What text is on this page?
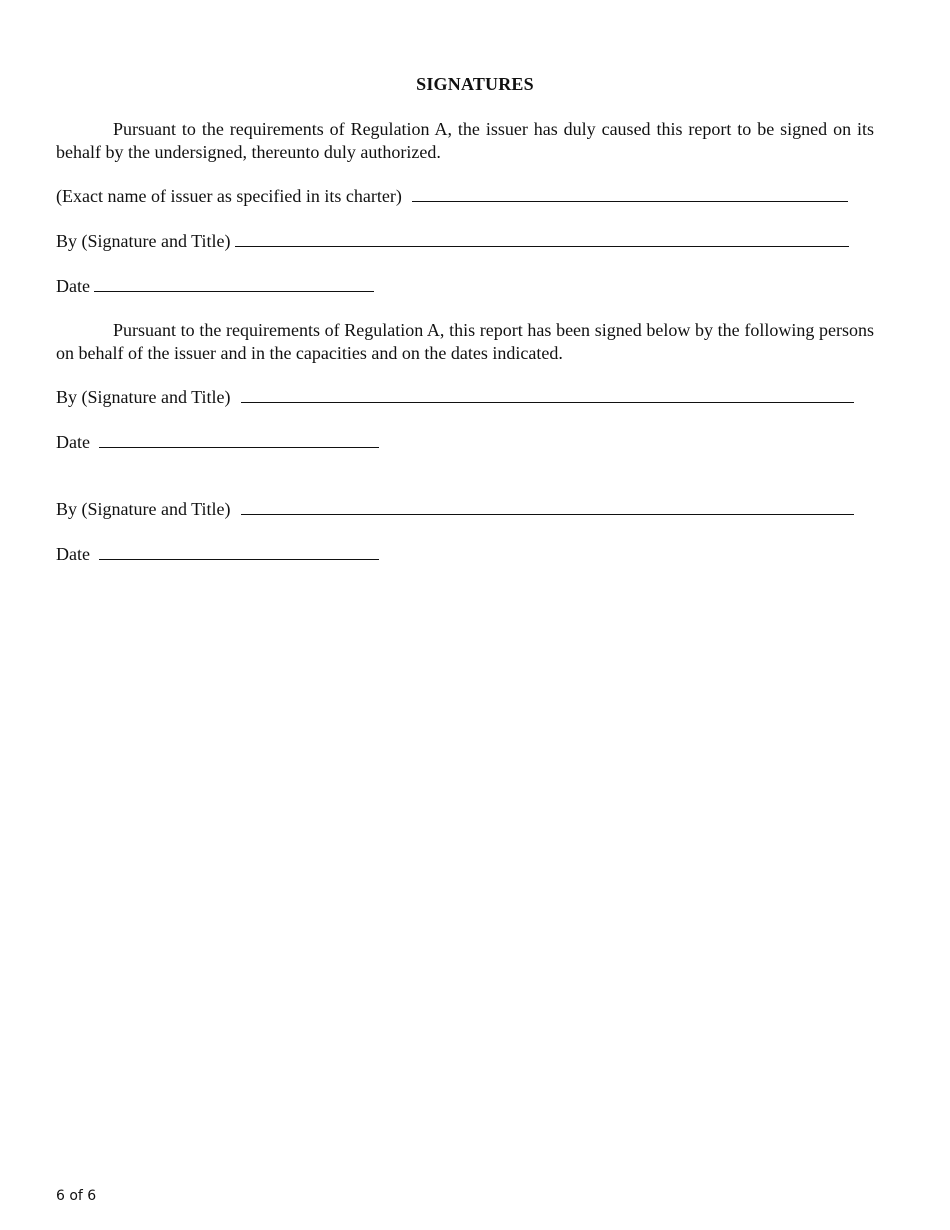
SIGNATURES

Pursuant to the requirements of Regulation A, the issuer has duly caused this report to be signed on its behalf by the undersigned, thereunto duly authorized.

(Exact name of issuer as specified in its charter)
By (Signature and Title)
Date

Pursuant to the requirements of Regulation A, this report has been signed below by the following persons on behalf of the issuer and in the capacities and on the dates indicated.

By (Signature and Title)
Date
By (Signature and Title)
Date
6 of 6
